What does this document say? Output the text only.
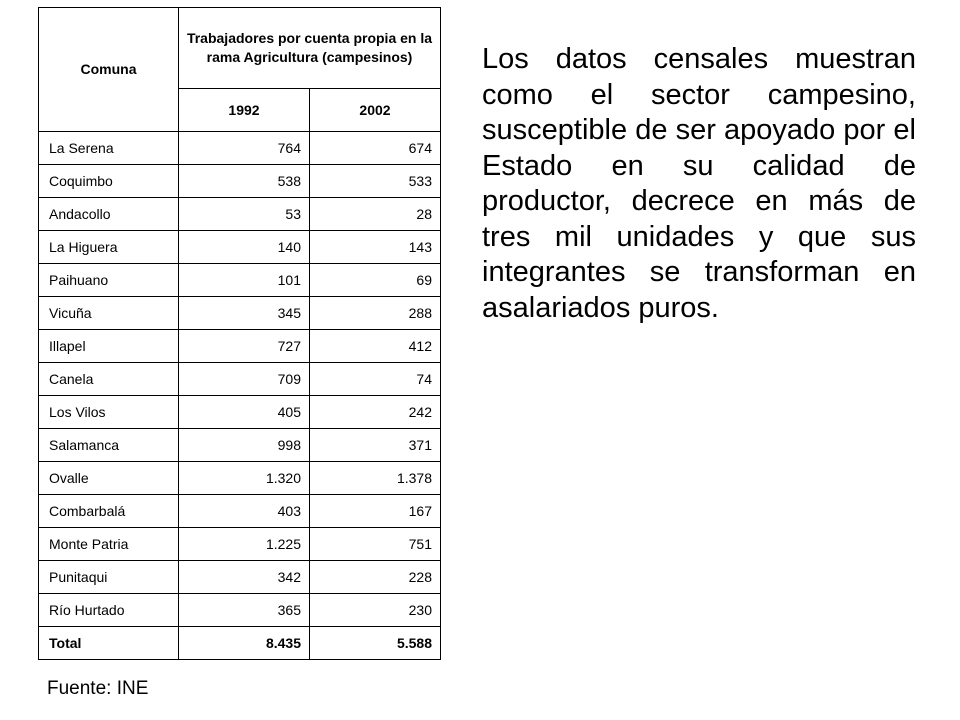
Comuna	Trabajadores por cuenta propia en la rama Agricultura (campesinos)	
	1992	2002
La Serena	764	674
Coquimbo	538	533
Andacollo	53	28
La Higuera	140	143
Paihuano	101	69
Vicuña	345	288
Illapel	727	412
Canela	709	74
Los Vilos	405	242
Salamanca	998	371
Ovalle	1.320	1.378
Combarbalá	403	167
Monte Patria	1.225	751
Punitaqui	342	228
Río Hurtado	365	230
Total	8.435	5.588
Fuente: INE

Los datos censales muestran como el sector campesino, susceptible de ser apoyado por el Estado en su calidad de productor, decrece en más de tres mil unidades y que sus integrantes se transforman en asalariados puros.
